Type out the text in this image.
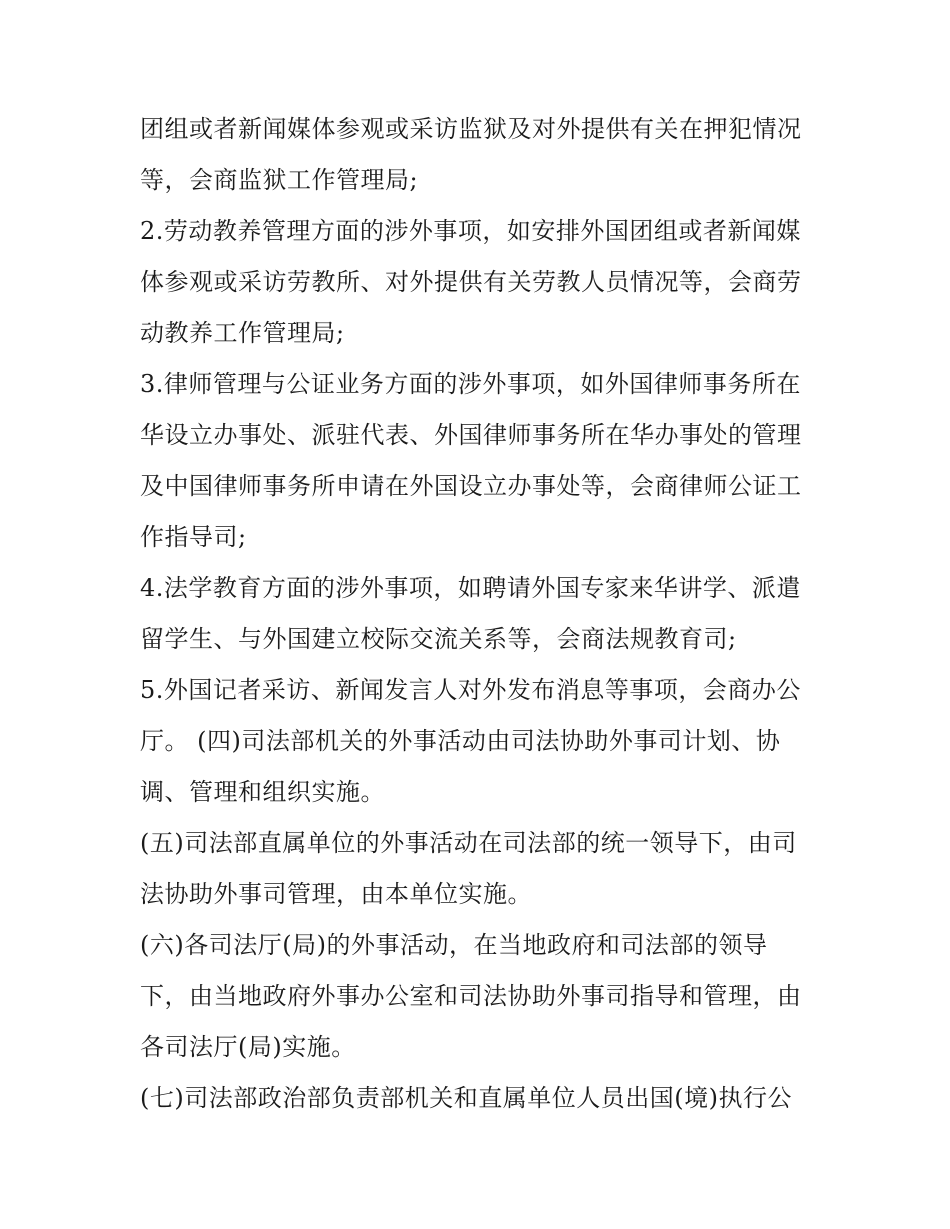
团组或者新闻媒体参观或采访监狱及对外提供有关在押犯情况
等，会商监狱工作管理局;
2.劳动教养管理方面的涉外事项，如安排外国团组或者新闻媒
体参观或采访劳教所、对外提供有关劳教人员情况等，会商劳
动教养工作管理局;
3.律师管理与公证业务方面的涉外事项，如外国律师事务所在
华设立办事处、派驻代表、外国律师事务所在华办事处的管理
及中国律师事务所申请在外国设立办事处等，会商律师公证工
作指导司;
4.法学教育方面的涉外事项，如聘请外国专家来华讲学、派遣
留学生、与外国建立校际交流关系等，会商法规教育司;
5.外国记者采访、新闻发言人对外发布消息等事项，会商办公
厅。 (四)司法部机关的外事活动由司法协助外事司计划、协
调、管理和组织实施。
(五)司法部直属单位的外事活动在司法部的统一领导下，由司
法协助外事司管理，由本单位实施。
(六)各司法厅(局)的外事活动，在当地政府和司法部的领导
下，由当地政府外事办公室和司法协助外事司指导和管理，由
各司法厅(局)实施。
(七)司法部政治部负责部机关和直属单位人员出国(境)执行公
